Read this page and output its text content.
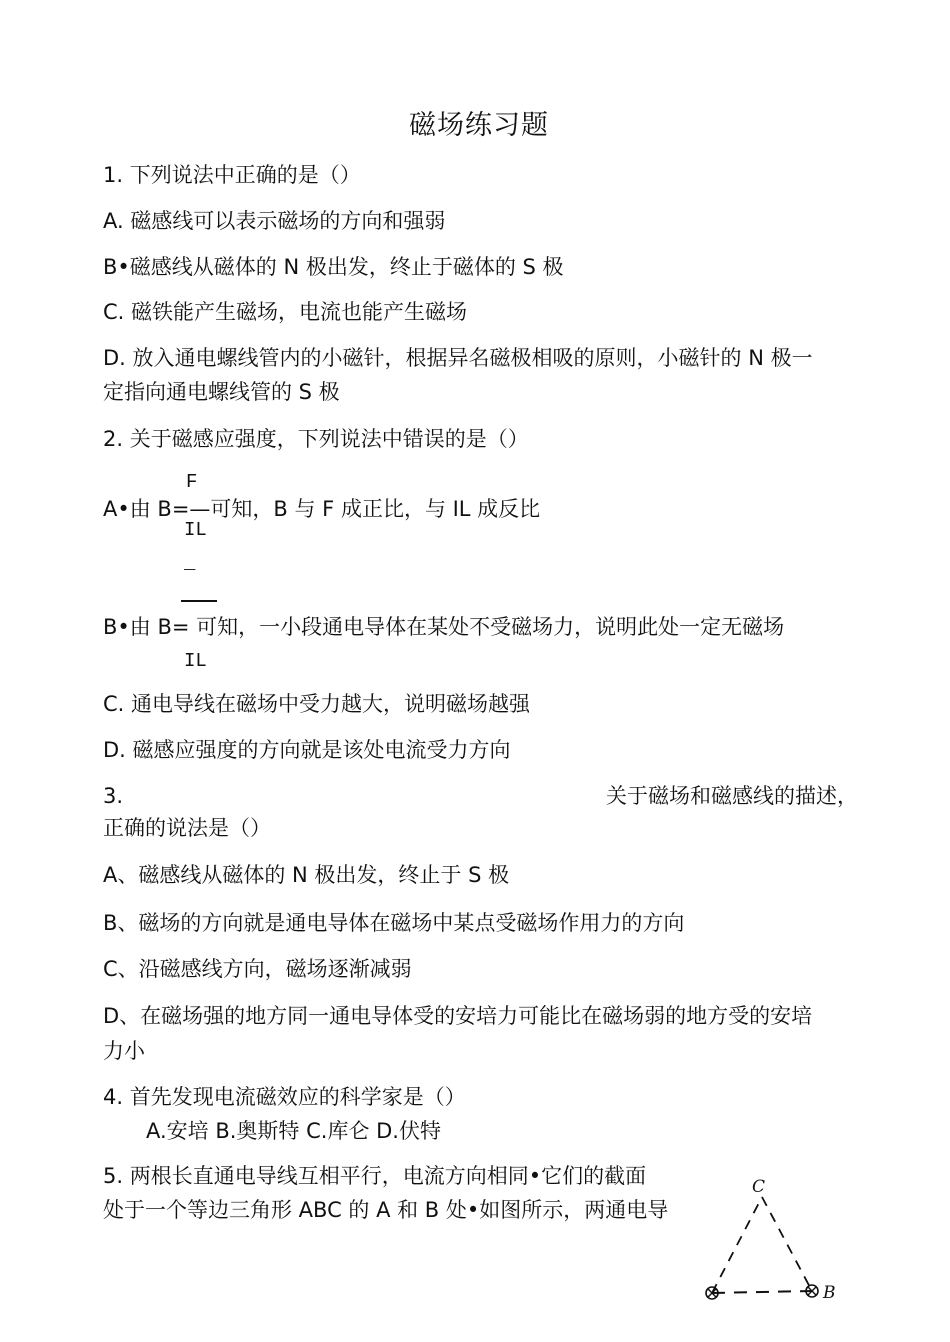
磁场练习题
1. 下列说法中正确的是（）
A. 磁感线可以表示磁场的方向和强弱
B•磁感线从磁体的 N 极出发，终止于磁体的 S 极
C. 磁铁能产生磁场，电流也能产生磁场
D. 放入通电螺线管内的小磁针，根据异名磁极相吸的原则，小磁针的 N 极一
定指向通电螺线管的 S 极
2. 关于磁感应强度，下列说法中错误的是（）
F
A•由 B=—可知，B 与 F 成正比，与 IL 成反比
IL
_
B•由 B= 可知，一小段通电导体在某处不受磁场力，说明此处一定无磁场
IL
C. 通电导线在磁场中受力越大，说明磁场越强
D. 磁感应强度的方向就是该处电流受力方向
3.	关于磁场和磁感线的描述，
正确的说法是（）
A、磁感线从磁体的 N 极出发，终止于 S 极
B、磁场的方向就是通电导体在磁场中某点受磁场作用力的方向
C、沿磁感线方向，磁场逐渐减弱
D、在磁场强的地方同一通电导体受的安培力可能比在磁场弱的地方受的安培
力小
4. 首先发现电流磁效应的科学家是（）
A.安培 B.奥斯特 C.库仑 D.伏特
5. 两根长直通电导线互相平行，电流方向相同•它们的截面
处于一个等边三角形 ABC 的 A 和 B 处•如图所示，两通电导
C
B
